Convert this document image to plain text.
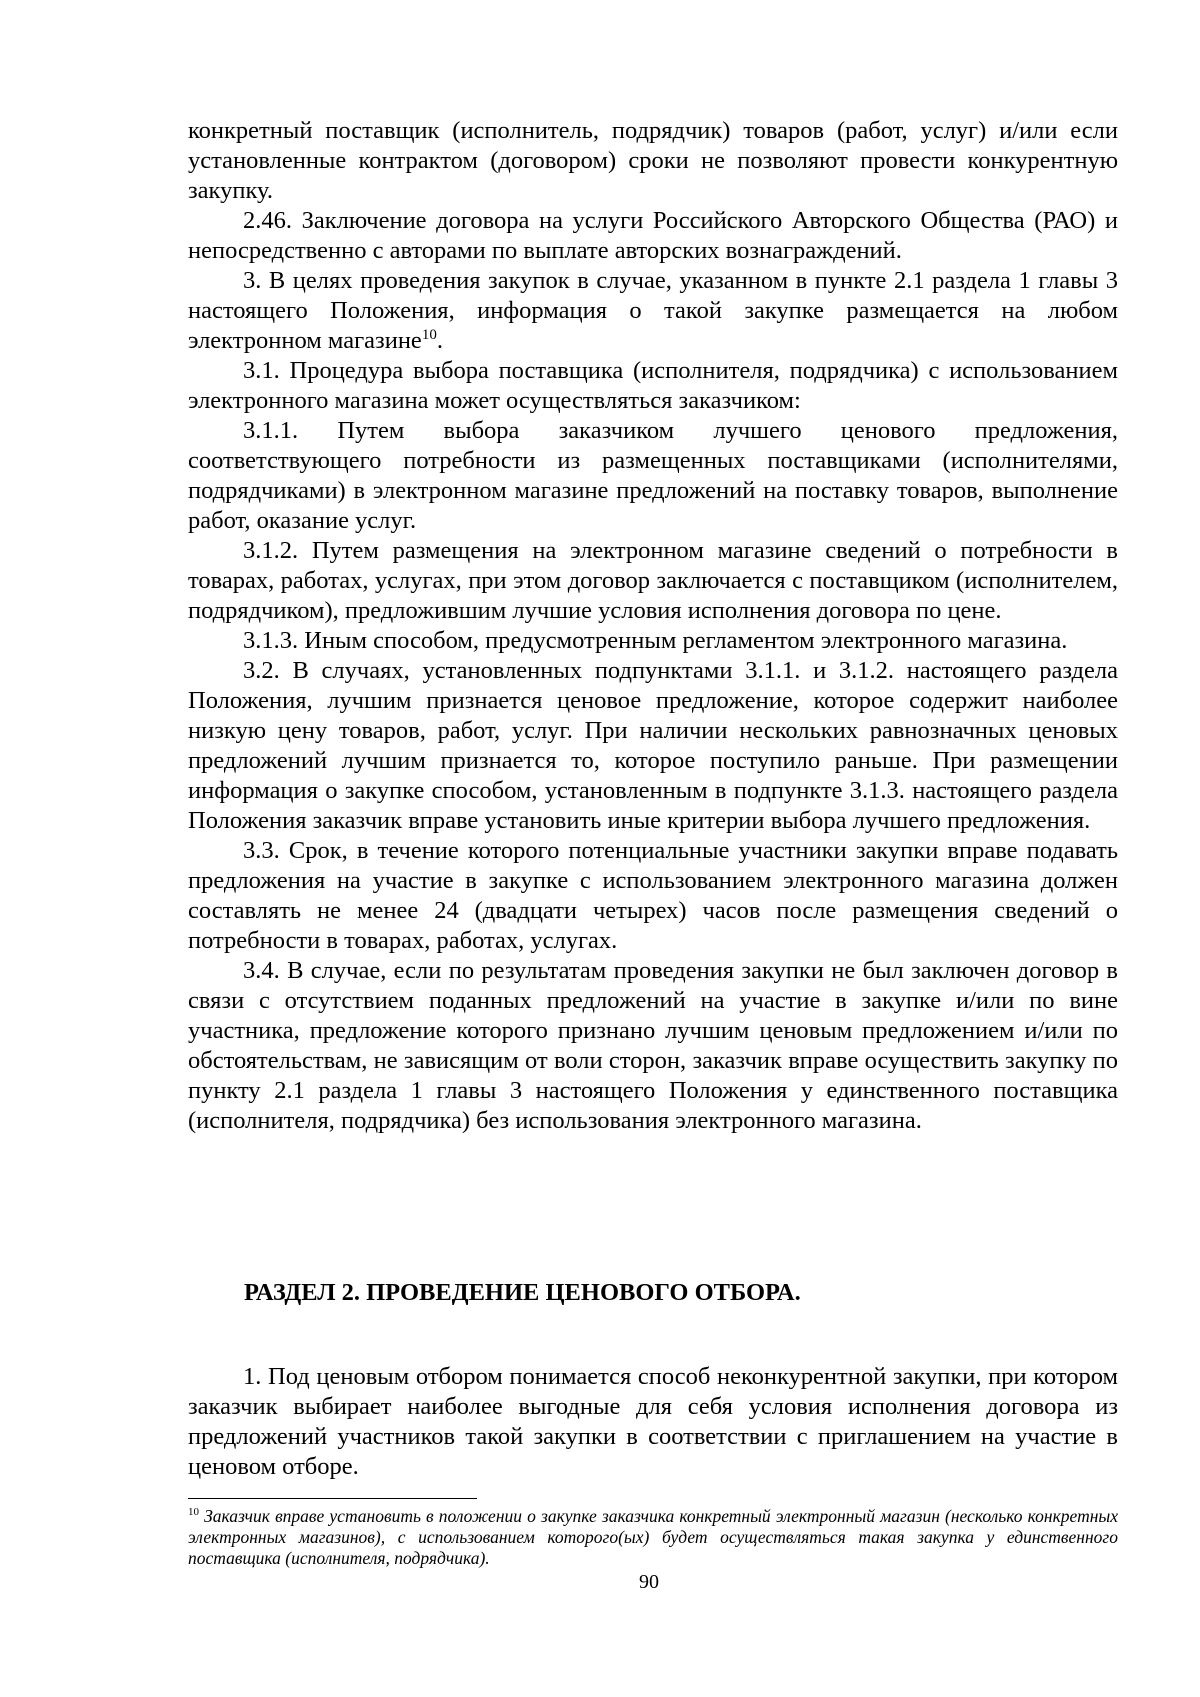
конкретный поставщик (исполнитель, подрядчик) товаров (работ, услуг) и/или если установленные контрактом (договором) сроки не позволяют провести конкурентную закупку.

2.46. Заключение договора на услуги Российского Авторского Общества (РАО) и непосредственно с авторами по выплате авторских вознаграждений.

3. В целях проведения закупок в случае, указанном в пункте 2.1 раздела 1 главы 3 настоящего Положения, информация о такой закупке размещается на любом электронном магазине$^{10}$.

3.1. Процедура выбора поставщика (исполнителя, подрядчика) с использованием электронного магазина может осуществляться заказчиком:

3.1.1. Путем выбора заказчиком лучшего ценового предложения, соответствующего потребности из размещенных поставщиками (исполнителями, подрядчиками) в электронном магазине предложений на поставку товаров, выполнение работ, оказание услуг.

3.1.2. Путем размещения на электронном магазине сведений о потребности в товарах, работах, услугах, при этом договор заключается с поставщиком (исполнителем, подрядчиком), предложившим лучшие условия исполнения договора по цене.

3.1.3. Иным способом, предусмотренным регламентом электронного магазина.

3.2. В случаях, установленных подпунктами 3.1.1. и 3.1.2. настоящего раздела Положения, лучшим признается ценовое предложение, которое содержит наиболее низкую цену товаров, работ, услуг. При наличии нескольких равнозначных ценовых предложений лучшим признается то, которое поступило раньше. При размещении информация о закупке способом, установленным в подпункте 3.1.3. настоящего раздела Положения заказчик вправе установить иные критерии выбора лучшего предложения.

3.3. Срок, в течение которого потенциальные участники закупки вправе подавать предложения на участие в закупке с использованием электронного магазина должен составлять не менее 24 (двадцати четырех) часов после размещения сведений о потребности в товарах, работах, услугах.

3.4. В случае, если по результатам проведения закупки не был заключен договор в связи с отсутствием поданных предложений на участие в закупке и/или по вине участника, предложение которого признано лучшим ценовым предложением и/или по обстоятельствам, не зависящим от воли сторон, заказчик вправе осуществить закупку по пункту 2.1 раздела 1 главы 3 настоящего Положения у единственного поставщика (исполнителя, подрядчика) без использования электронного магазина.

РАЗДЕЛ 2. ПРОВЕДЕНИЕ ЦЕНОВОГО ОТБОРА.

1. Под ценовым отбором понимается способ неконкурентной закупки, при котором заказчик выбирает наиболее выгодные для себя условия исполнения договора из предложений участников такой закупки в соответствии с приглашением на участие в ценовом отборе.

$^{10}$ Заказчик вправе установить в положении о закупке заказчика конкретный электронный магазин (несколько конкретных электронных магазинов), с использованием которого(ых) будет осуществляться такая закупка у единственного поставщика (исполнителя, подрядчика).
90
